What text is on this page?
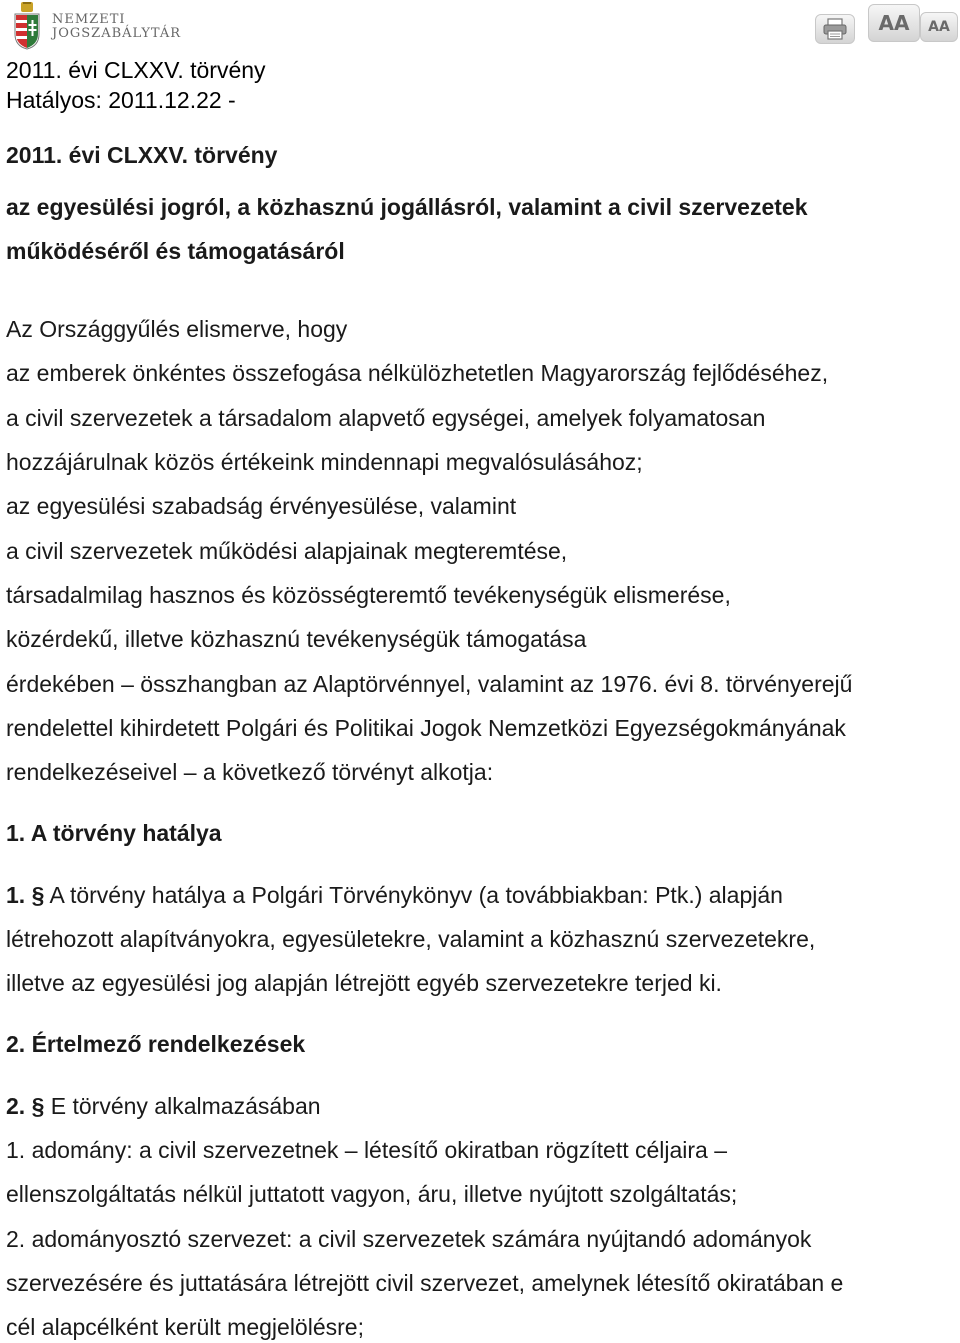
NEMZETI
JOGSZABÁLYTÁR	AA AA
2011. évi CLXXV. törvény
Hatályos: 2011.12.22 -
2011. évi CLXXV. törvény
az egyesülési jogról, a közhasznú jogállásról, valamint a civil szervezetek
működéséről és támogatásáról
Az Országgyűlés elismerve, hogy
az emberek önkéntes összefogása nélkülözhetetlen Magyarország fejlődéséhez,
a civil szervezetek a társadalom alapvető egységei, amelyek folyamatosan
hozzájárulnak közös értékeink mindennapi megvalósulásához;
az egyesülési szabadság érvényesülése, valamint
a civil szervezetek működési alapjainak megteremtése,
társadalmilag hasznos és közösségteremtő tevékenységük elismerése,
közérdekű, illetve közhasznú tevékenységük támogatása
érdekében – összhangban az Alaptörvénnyel, valamint az 1976. évi 8. törvényerejű
rendelettel kihirdetett Polgári és Politikai Jogok Nemzetközi Egyezségokmányának
rendelkezéseivel – a következő törvényt alkotja:
1. A törvény hatálya
1. § A törvény hatálya a Polgári Törvénykönyv (a továbbiakban: Ptk.) alapján
létrehozott alapítványokra, egyesületekre, valamint a közhasznú szervezetekre,
illetve az egyesülési jog alapján létrejött egyéb szervezetekre terjed ki.
2. Értelmező rendelkezések
2. § E törvény alkalmazásában
1. adomány: a civil szervezetnek – létesítő okiratban rögzített céljaira –
ellenszolgáltatás nélkül juttatott vagyon, áru, illetve nyújtott szolgáltatás;
2. adományosztó szervezet: a civil szervezetek számára nyújtandó adományok
szervezésére és juttatására létrejött civil szervezet, amelynek létesítő okiratában e
cél alapcélként került megjelölésre;
